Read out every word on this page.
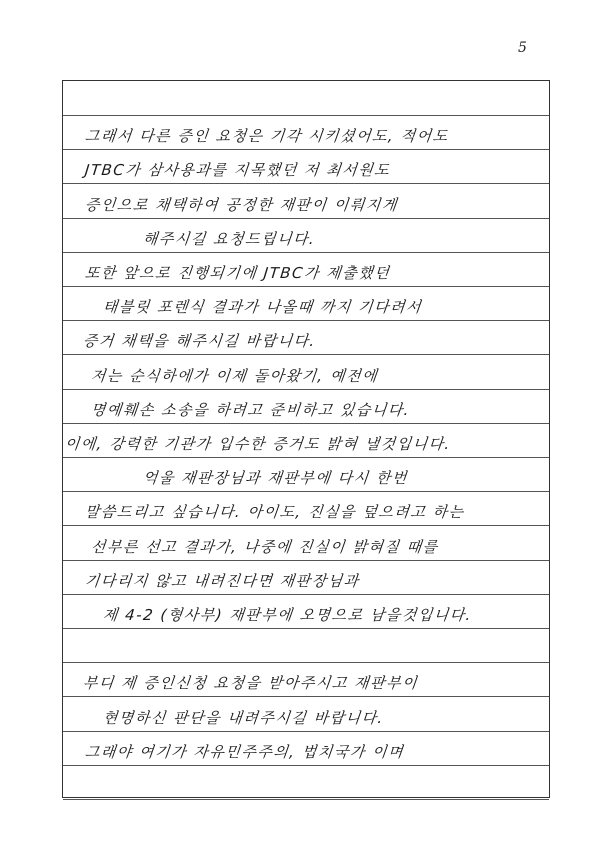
5
그래서 다른 증인 요청은 기각 시키셨어도, 적어도
JTBC가 삼사용과를 지목했던 저 최서원도
증인으로 채택하여 공정한 재판이 이뤄지게
해주시길 요청드립니다.
또한 앞으로 진행되기에 JTBC가 제출했던
태블릿 포렌식 결과가 나올때 까지 기다려서
증거 채택을 해주시길 바랍니다.
저는 순식하에가 이제 돌아왔기, 예전에
명예훼손 소송을 하려고 준비하고 있습니다.
이에, 강력한 기관가 입수한 증거도 밝혀 낼것입니다.
억울 재판장님과 재판부에 다시 한번
말씀드리고 싶습니다. 아이도, 진실을 덮으려고 하는
선부른 선고 결과가, 나중에 진실이 밝혀질 때를
기다리지 않고 내려진다면 재판장님과
제 4-2 (형사부) 재판부에 오명으로 남을것입니다.
부디 제 증인신청 요청을 받아주시고 재판부이
현명하신 판단을 내려주시길 바랍니다.
그래야 여기가 자유민주주의, 법치국가 이며
